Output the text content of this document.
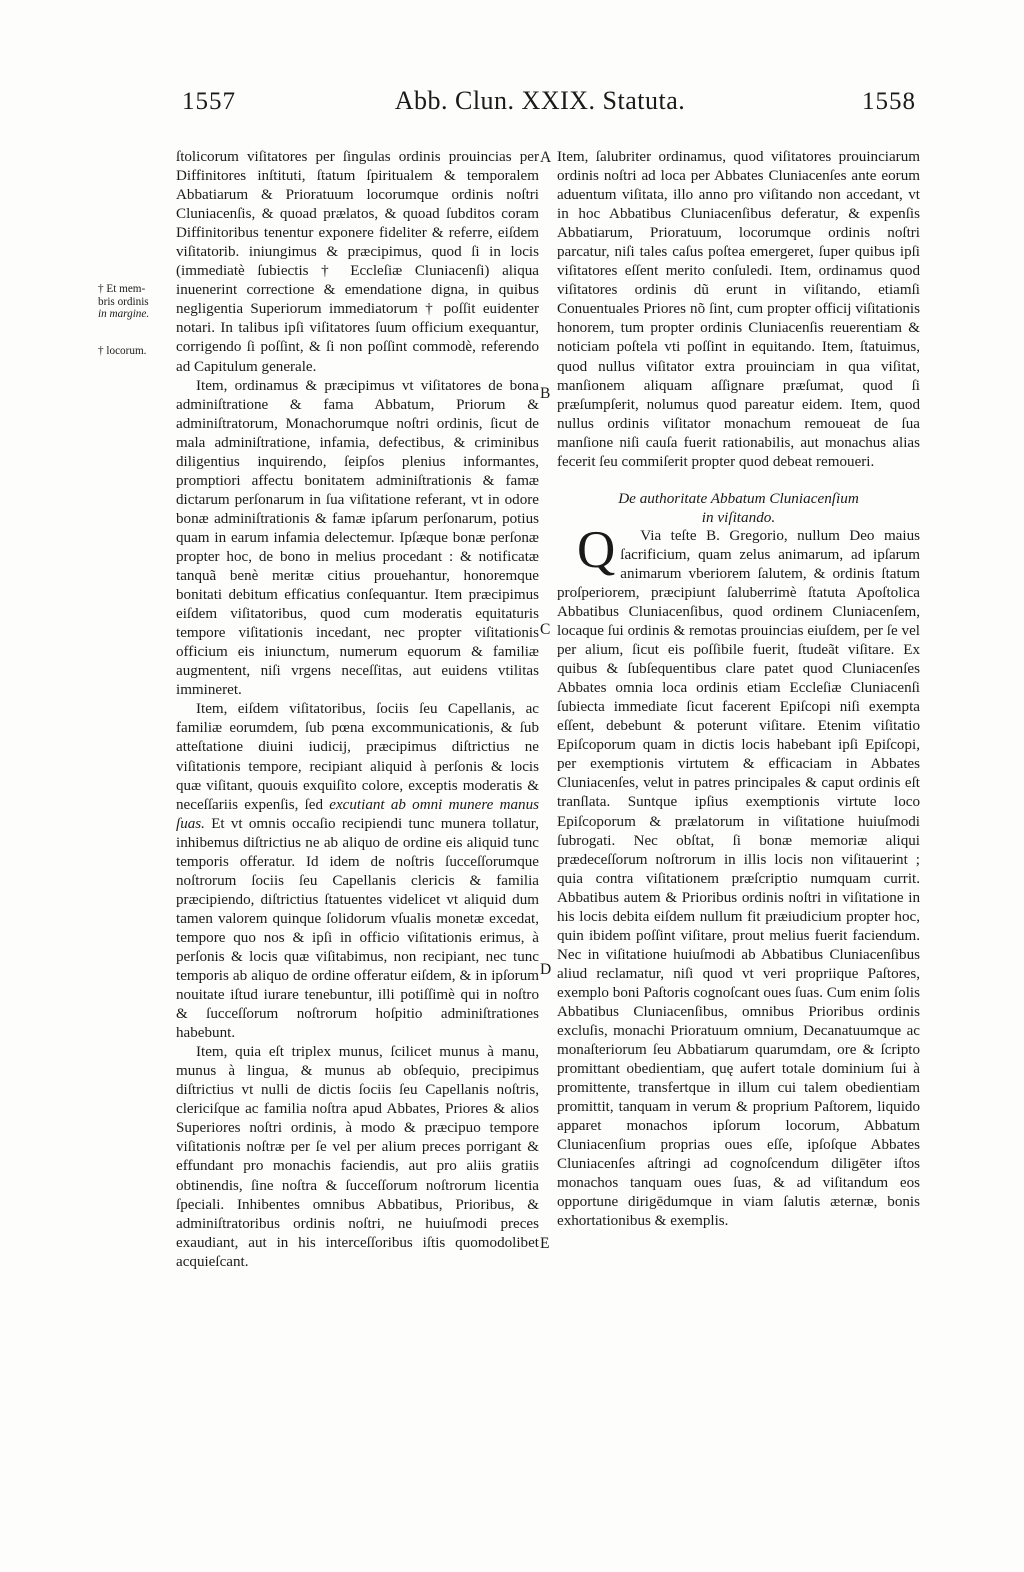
1557	Abb. Clun. XXIX. Statuta.	1558
† Et mem-
bris ordinis
in margine.
† locorum.
A
B
C
D
E

ſtolicorum viſitatores per ſingulas ordinis prouincias per Diffinitores inſtituti, ſtatum ſpiritualem & temporalem Abbatiarum & Prioratuum locorumque ordinis noſtri Cluniacenſis, & quoad prælatos, & quoad ſubditos coram Diffinitoribus tenentur exponere fideliter & referre, eiſdem viſitatorib. iniungimus & præcipimus, quod ſi in locis (immediatè ſubiectis † Eccleſiæ Cluniacenſi) aliqua inuenerint correctione & emendatione digna, in quibus negligentia Superiorum immediatorum † poſſit euidenter notari. In talibus ipſi viſitatores ſuum officium exequantur, corrigendo ſi poſſint, & ſi non poſſint commodè, referendo ad Capitulum generale.

Item, ordinamus & præcipimus vt viſitatores de bona adminiſtratione & fama Abbatum, Priorum & adminiſtratorum, Monachorumque noſtri ordinis, ſicut de mala adminiſtratione, infamia, defectibus, & criminibus diligentius inquirendo, ſeipſos plenius informantes, promptiori affectu bonitatem adminiſtrationis & famæ dictarum perſonarum in ſua viſitatione referant, vt in odore bonæ adminiſtrationis & famæ ipſarum perſonarum, potius quam in earum infamia delectemur. Ipſæque bonæ perſonæ propter hoc, de bono in melius procedant : & notificatæ tanquã benè meritæ citius prouehantur, honoremque bonitati debitum efficatius conſequantur. Item præcipimus eiſdem viſitatoribus, quod cum moderatis equitaturis tempore viſitationis incedant, nec propter viſitationis officium eis iniunctum, numerum equorum & familiæ augmentent, niſi vrgens neceſſitas, aut euidens vtilitas immineret.

Item, eiſdem viſitatoribus, ſociis ſeu Capellanis, ac familiæ eorumdem, ſub pœna excommunicationis, & ſub atteſtatione diuini iudicij, præcipimus diſtrictius ne viſitationis tempore, recipiant aliquid à perſonis & locis quæ viſitant, quouis exquiſito colore, exceptis moderatis & neceſſariis expenſis, ſed excutiant ab omni munere manus ſuas. Et vt omnis occaſio recipiendi tunc munera tollatur, inhibemus diſtrictius ne ab aliquo de ordine eis aliquid tunc temporis offeratur. Id idem de noſtris ſucceſſorumque noſtrorum ſociis ſeu Capellanis clericis & familia præcipiendo, diſtrictius ſtatuentes videlicet vt aliquid dum tamen valorem quinque ſolidorum vſualis monetæ excedat, tempore quo nos & ipſi in officio viſitationis erimus, à perſonis & locis quæ viſitabimus, non recipiant, nec tunc temporis ab aliquo de ordine offeratur eiſdem, & in ipſorum nouitate iſtud iurare tenebuntur, illi potiſſimè qui in noſtro & ſucceſſorum noſtrorum hoſpitio adminiſtrationes habebunt.

Item, quia eſt triplex munus, ſcilicet munus à manu, munus à lingua, & munus ab obſequio, precipimus diſtrictius vt nulli de dictis ſociis ſeu Capellanis noſtris, clericiſque ac familia noſtra apud Abbates, Priores & alios Superiores noſtri ordinis, à modo & præcipuo tempore viſitationis noſtræ per ſe vel per alium preces porrigant & effundant pro monachis faciendis, aut pro aliis gratiis obtinendis, ſine noſtra & ſucceſſorum noſtrorum licentia ſpeciali. Inhibentes omnibus Abbatibus, Prioribus, & adminiſtratoribus ordinis noſtri, ne huiuſmodi preces exaudiant, aut in his interceſſoribus iſtis quomodolibet acquieſcant.

Item, ſalubriter ordinamus, quod viſitatores prouinciarum ordinis noſtri ad loca per Abbates Cluniacenſes ante eorum aduentum viſitata, illo anno pro viſitando non accedant, vt in hoc Abbatibus Cluniacenſibus deferatur, & expenſis Abbatiarum, Prioratuum, locorumque ordinis noſtri parcatur, niſi tales caſus poſtea emergeret, ſuper quibus ipſi viſitatores eſſent merito conſuledi. Item, ordinamus quod viſitatores ordinis dũ erunt in viſitando, etiamſi Conuentuales Priores nõ ſint, cum propter officij viſitationis honorem, tum propter ordinis Cluniacenſis reuerentiam & noticiam poſtela vti poſſint in equitando. Item, ſtatuimus, quod nullus viſitator extra prouinciam in qua viſitat, manſionem aliquam aſſignare præſumat, quod ſi præſumpſerit, nolumus quod pareatur eidem. Item, quod nullus ordinis viſitator monachum remoueat de ſua manſione niſi cauſa fuerit rationabilis, aut monachus alias fecerit ſeu commiſerit propter quod debeat remoueri.

De authoritate Abbatum Cluniacenſium
in viſitando.

Q	Via teſte B. Gregorio, nullum Deo maius ſacrificium, quam zelus animarum, ad ipſarum animarum vberiorem ſalutem, & ordinis ſtatum proſperiorem, præcipiunt ſaluberrimè ſtatuta Apoſtolica Abbatibus Cluniacenſibus, quod ordinem Cluniacenſem, locaque ſui ordinis & remotas prouincias eiuſdem, per ſe vel per alium, ſicut eis poſſibile fuerit, ſtudeãt viſitare. Ex quibus & ſubſequentibus clare patet quod Cluniacenſes Abbates omnia loca ordinis etiam Eccleſiæ Cluniacenſi ſubiecta immediate ſicut facerent Epiſcopi niſi exempta eſſent, debebunt & poterunt viſitare. Etenim viſitatio Epiſcoporum quam in dictis locis habebant ipſi Epiſcopi, per exemptionis virtutem & efficaciam in Abbates Cluniacenſes, velut in patres principales & caput ordinis eſt tranſlata. Suntque ipſius exemptionis virtute loco Epiſcoporum & prælatorum in viſitatione huiuſmodi ſubrogati. Nec obſtat, ſi bonæ memoriæ aliqui prædeceſſorum noſtrorum in illis locis non viſitauerint ; quia contra viſitationem præſcriptio numquam currit. Abbatibus autem & Prioribus ordinis noſtri in viſitatione in his locis debita eiſdem nullum fit præiudicium propter hoc, quin ibidem poſſint viſitare, prout melius fuerit faciendum. Nec in viſitatione huiuſmodi ab Abbatibus Cluniacenſibus aliud reclamatur, niſi quod vt veri propriique Paſtores, exemplo boni Paſtoris cognoſcant oues ſuas. Cum enim ſolis Abbatibus Cluniacenſibus, omnibus Prioribus ordinis excluſis, monachi Prioratuum omnium, Decanatuumque ac monaſteriorum ſeu Abbatiarum quarumdam, ore & ſcripto promittant obedientiam, quę aufert totale dominium ſui à promittente, transfertque in illum cui talem obedientiam promittit, tanquam in verum & proprium Paſtorem, liquido apparet monachos ipſorum locorum, Abbatum Cluniacenſium proprias oues eſſe, ipſoſque Abbates Cluniacenſes aſtringi ad cognoſcendum diligēter iſtos monachos tanquam oues ſuas, & ad viſitandum eos opportune dirigēdumque in viam ſalutis æternæ, bonis exhortationibus & exemplis.
